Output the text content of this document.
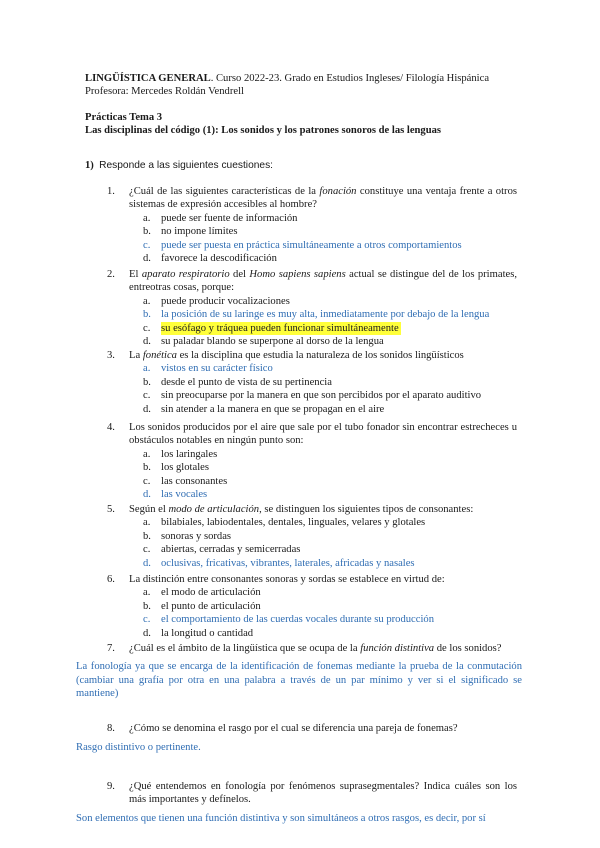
LINGÜÍSTICA GENERAL. Curso 2022-23. Grado en Estudios Ingleses/ Filología Hispánica
Profesora: Mercedes Roldán Vendrell
Prácticas Tema 3
Las disciplinas del código (1): Los sonidos y los patrones sonoros de las lenguas
1) Responde a las siguientes cuestiones:
1. ¿Cuál de las siguientes características de la fonación constituye una ventaja frente a otros sistemas de expresión accesibles al hombre?
a. puede ser fuente de información
b. no impone límites
c. puede ser puesta en práctica simultáneamente a otros comportamientos
d. favorece la descodificación
2. El aparato respiratorio del Homo sapiens sapiens actual se distingue del de los primates, entreotras cosas, porque:
a. puede producir vocalizaciones
b. la posición de su laringe es muy alta, inmediatamente por debajo de la lengua
c. su esófago y tráquea pueden funcionar simultáneamente
d. su paladar blando se superpone al dorso de la lengua
3. La fonética es la disciplina que estudia la naturaleza de los sonidos lingüísticos
a. vistos en su carácter físico
b. desde el punto de vista de su pertinencia
c. sin preocuparse por la manera en que son percibidos por el aparato auditivo
d. sin atender a la manera en que se propagan en el aire
4. Los sonidos producidos por el aire que sale por el tubo fonador sin encontrar estrecheces u obstáculos notables en ningún punto son:
a. los laringales
b. los glotales
c. las consonantes
d. las vocales
5. Según el modo de articulación, se distinguen los siguientes tipos de consonantes:
a. bilabiales, labiodentales, dentales, linguales, velares y glotales
b. sonoras y sordas
c. abiertas, cerradas y semicerradas
d. oclusivas, fricativas, vibrantes, laterales, africadas y nasales
6. La distinción entre consonantes sonoras y sordas se establece en virtud de:
a. el modo de articulación
b. el punto de articulación
c. el comportamiento de las cuerdas vocales durante su producción
d. la longitud o cantidad
7. ¿Cuál es el ámbito de la lingüística que se ocupa de la función distintiva de los sonidos?
La fonología ya que se encarga de la identificación de fonemas mediante la prueba de la conmutación (cambiar una grafía por otra en una palabra a través de un par mínimo y ver si el significado se mantiene)
8. ¿Cómo se denomina el rasgo por el cual se diferencia una pareja de fonemas?
Rasgo distintivo o pertinente.
9. ¿Qué entendemos en fonología por fenómenos suprasegmentales? Indica cuáles son los más importantes y defínelos.
Son elementos que tienen una función distintiva y son simultáneos a otros rasgos, es decir, por sí
